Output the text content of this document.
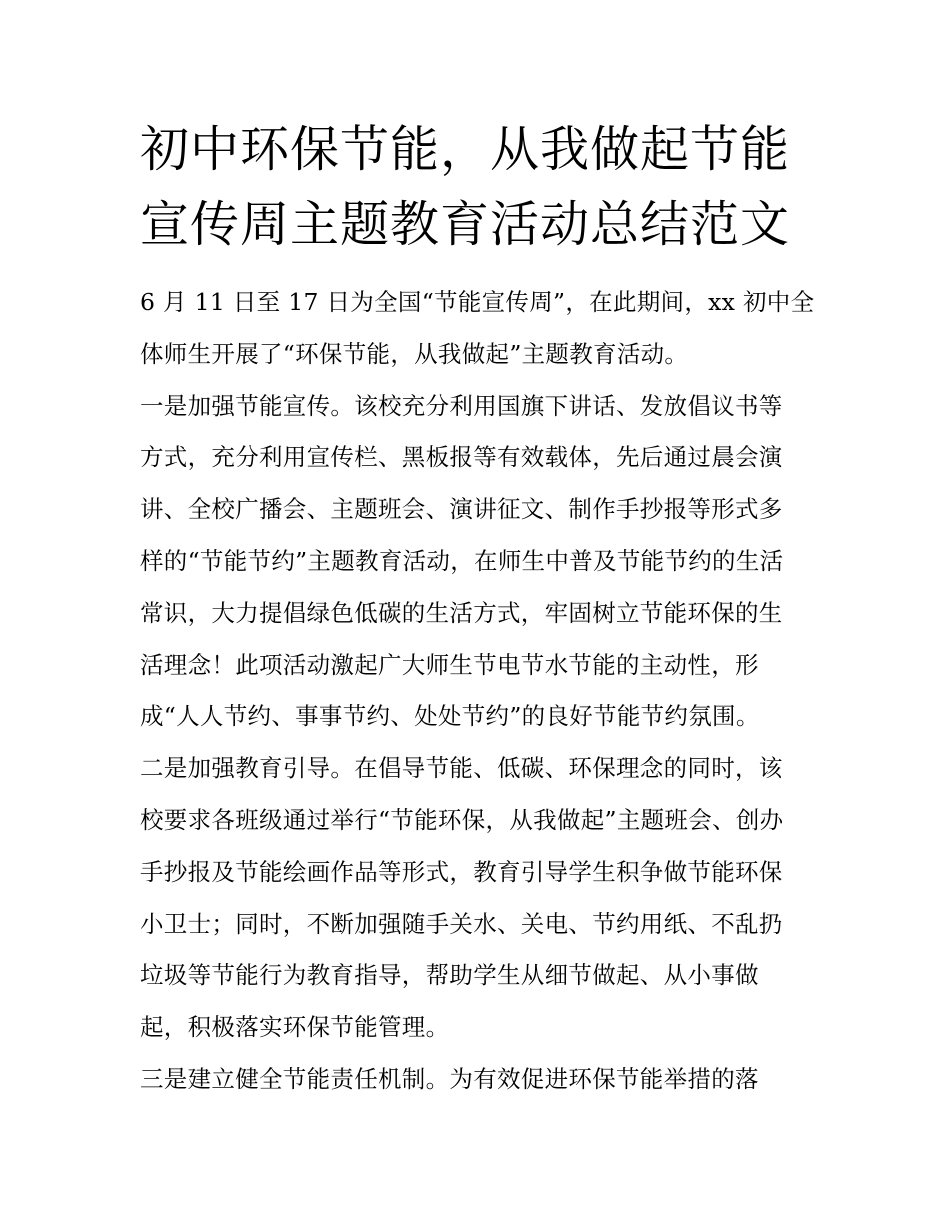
初中环保节能，从我做起节能
宣传周主题教育活动总结范文

6 月 11 日至 17 日为全国“节能宣传周”，在此期间，xx 初中全
体师生开展了“环保节能，从我做起”主题教育活动。

一是加强节能宣传。该校充分利用国旗下讲话、发放倡议书等
方式，充分利用宣传栏、黑板报等有效载体，先后通过晨会演
讲、全校广播会、主题班会、演讲征文、制作手抄报等形式多
样的“节能节约”主题教育活动，在师生中普及节能节约的生活
常识，大力提倡绿色低碳的生活方式，牢固树立节能环保的生
活理念！此项活动激起广大师生节电节水节能的主动性，形
成“人人节约、事事节约、处处节约”的良好节能节约氛围。

二是加强教育引导。在倡导节能、低碳、环保理念的同时，该
校要求各班级通过举行“节能环保，从我做起”主题班会、创办
手抄报及节能绘画作品等形式，教育引导学生积争做节能环保
小卫士；同时，不断加强随手关水、关电、节约用纸、不乱扔
垃圾等节能行为教育指导，帮助学生从细节做起、从小事做
起，积极落实环保节能管理。

三是建立健全节能责任机制。为有效促进环保节能举措的落
